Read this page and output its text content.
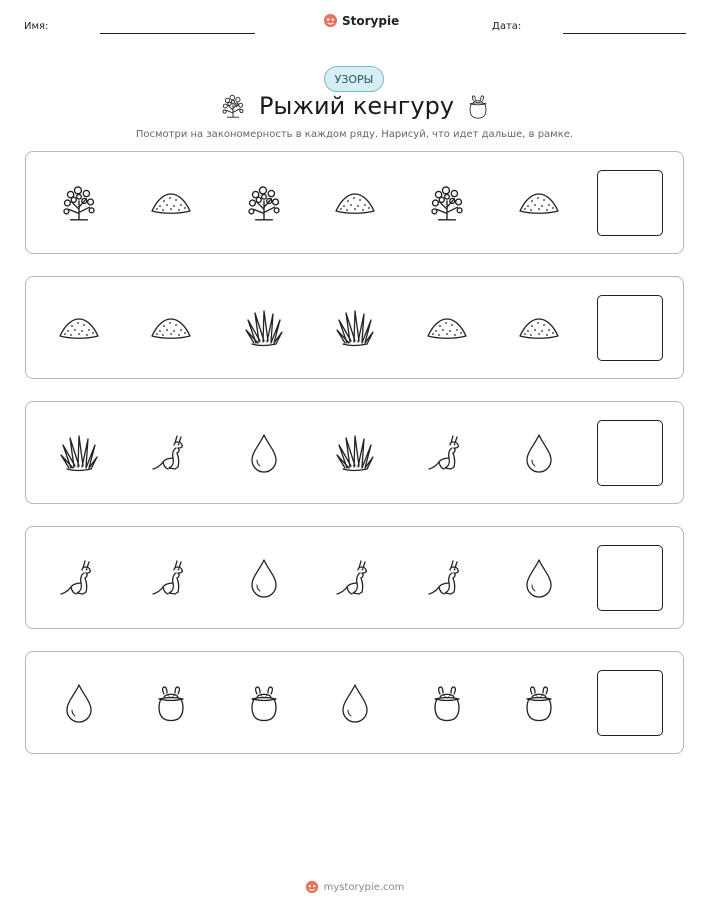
Имя:	Storypie	Дата:
УЗОРЫ
Рыжий кенгуру
Посмотри на закономерность в каждом ряду. Нарисуй, что идет дальше, в рамке.
mystorypie.com
